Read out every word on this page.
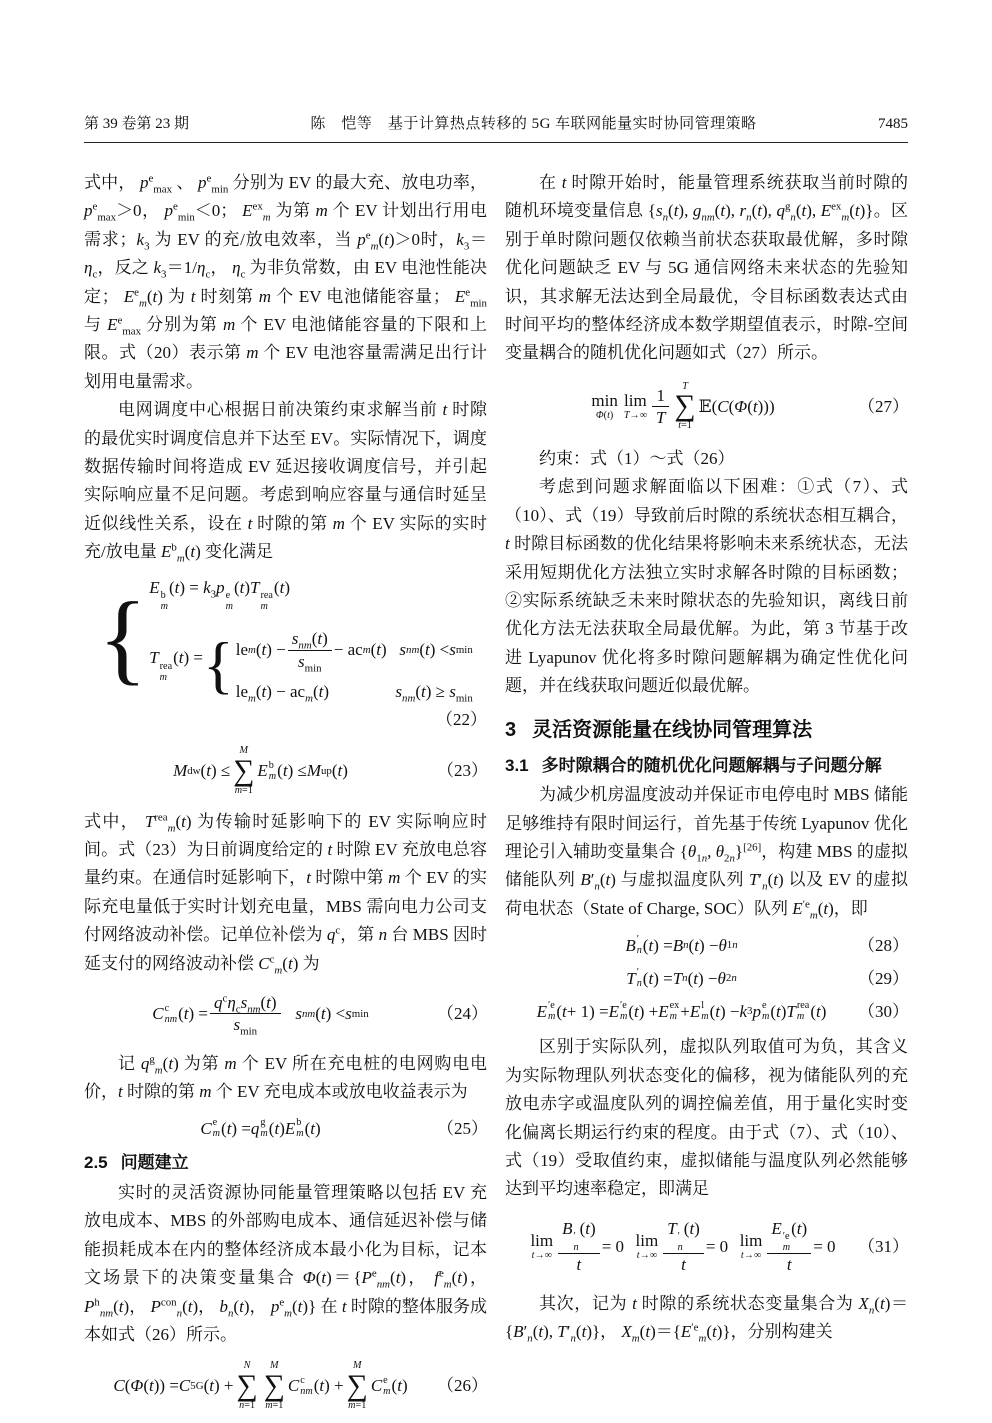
第 39 卷第 23 期	陈　恺等　基于计算热点转移的 5G 车联网能量实时协同管理策略	7485

式中， $p^e_{max}$ 、 $p^e_{min}$ 分别为 EV 的最大充、放电功率，$p^e_{max}>0$， $p^e_{min}<0$； $E^{ex}_m$ 为第 m 个 EV 计划出行用电需求；$k_3$ 为 EV 的充/放电效率，当 $p^e_m(t)>0$时，$k_3=\eta_c$，反之 $k_3=1/\eta_c$， $\eta_c$ 为非负常数，由 EV 电池性能决定； $E^e_m(t)$ 为 t 时刻第 m 个 EV 电池储能容量； $E^e_{min}$ 与 $E^e_{max}$ 分别为第 m 个 EV 电池储能容量的下限和上限。式（20）表示第 m 个 EV 电池容量需满足出行计划用电量需求。

电网调度中心根据日前决策约束求解当前 t 时隙的最优实时调度信息并下达至 EV。实际情况下，调度数据传输时间将造成 EV 延迟接收调度信号，并引起实际响应量不足问题。考虑到响应容量与通信时延呈近似线性关系，设在 t 时隙的第 m 个 EV 实际的实时充/放电量 $E^b_m(t)$ 变化满足

{ E b
m
$(t) = k_3p$ e
m
(t)T rea
m
(t)
T rea
m
(t) = { le m ( t ) −
$s_{nm}(t)$
$s_{min}$
− ac m ( t ) s nm ( t ) < s min
$le_m(t) - ac_m(t)$	$s_{nm}(t) \ge s_{min}$
（22）
M dw ( t ) ≤
M
∑
m=1
E b
m ( t ) ≤ M up ( t )	（23）

式中， $T^{rea}_m(t)$ 为传输时延影响下的 EV 实际响应时间。式（23）为日前调度给定的 t 时隙 EV 充放电总容量约束。在通信时延影响下，t 时隙中第 m 个 EV 的实际充电量低于实时计划充电量，MBS 需向电力公司支付网络波动补偿。记单位补偿为 $q^c$，第 n 台 MBS 因时延支付的网络波动补偿 $C^c_m(t)$ 为

C c
nm ( t ) =
$q^c\eta_cs_{nm}(t)$
$s_{min}$

s nm ( t ) < s min	（24）

记 $q^g_m(t)$ 为第 m 个 EV 所在充电桩的电网购电电价，t 时隙的第 m 个 EV 充电成本或放电收益表示为

C e
m ( t ) = q g
m ( t ) E b
m ( t )	（25）
2.5 问题建立

实时的灵活资源协同能量管理策略以包括 EV 充放电成本、MBS 的外部购电成本、通信延迟补偿与储能损耗成本在内的整体经济成本最小化为目标，记本文场景下的决策变量集合 $\Phi(t)=\{P^e_{nm}(t)$， $f^e_m(t)$， $P^h_{nm}(t)$， $P^{con}_n(t)$， $b_n(t)$， $p^e_m(t)$} 在 t 时隙的整体服务成本如式（26）所示。

C ( Φ ( t )) = C 5G ( t ) +
N
∑
n=1
M
∑
m=1
C c
nm ( t ) +
M
∑
m=1
C e
m ( t )	（26）

在 t 时隙开始时，能量管理系统获取当前时隙的随机环境变量信息 {$s_n(t)$, $g_{nm}(t)$, $r_n(t)$, $q^g_n(t)$, $E^{ex}_m(t)$}。区别于单时隙问题仅依赖当前状态获取最优解，多时隙优化问题缺乏 EV 与 5G 通信网络未来状态的先验知识，其求解无法达到全局最优，令目标函数表达式由时间平均的整体经济成本数学期望值表示，时隙-空间变量耦合的随机优化问题如式（27）所示。

min
Φ(t)
lim
T→∞
1
T
T
∑
t=1
𝔼( C ( Φ ( t )))	（27）

约束：式（1）～式（26）

考虑到问题求解面临以下困难：①式（7）、式（10）、式（19）导致前后时隙的系统状态相互耦合，t 时隙目标函数的优化结果将影响未来系统状态，无法采用短期优化方法独立实时求解各时隙的目标函数；②实际系统缺乏未来时隙状态的先验知识，离线日前优化方法无法获取全局最优解。为此，第 3 节基于改进 Lyapunov 优化将多时隙问题解耦为确定性优化问题，并在线获取问题近似最优解。

3 灵活资源能量在线协同管理算法
3.1 多时隙耦合的随机优化问题解耦与子问题分解

为减少机房温度波动并保证市电停电时 MBS 储能足够维持有限时间运行，首先基于传统 Lyapunov 优化理论引入辅助变量集合 {$\theta_{1n}$, $\theta_{2n}\}[26]$，构建 MBS 的虚拟储能队列 $B'_n(t)$ 与虚拟温度队列 $T'_n(t)$ 以及 EV 的虚拟荷电状态（State of Charge, SOC）队列 $E^{'e}_m(t)$，即

B ′
n ( t ) = B n ( t ) − θ 1n	（28）
T ′
n ( t ) = T n ( t ) − θ 2n	（29）
E ′e
m ( t + 1) = E ′e
m ( t ) + E ex
m + E l
m ( t ) − k 3 p e
m ( t ) T rea
m ( t )	（30）

区别于实际队列，虚拟队列取值可为负，其含义为实际物理队列状态变化的偏移，视为储能队列的充放电赤字或温度队列的调控偏差值，用于量化实时变化偏离长期运行约束的程度。由于式（7）、式（10）、式（19）受取值约束，虚拟储能与温度队列必然能够达到平均速率稳定，即满足

lim
t→∞
B ′
n
(t)
t
= 0 lim
t→∞
T ′
n
(t)
t
= 0 lim
t→∞
E ′e
m
(t)
t
= 0	（31）

其次，记为 t 时隙的系统状态变量集合为 $X_n(t)=\{B'_n(t)$, $T'_n(t)$}， $X_m(t)=\{E^{'e}_m(t)\}$，分别构建关
